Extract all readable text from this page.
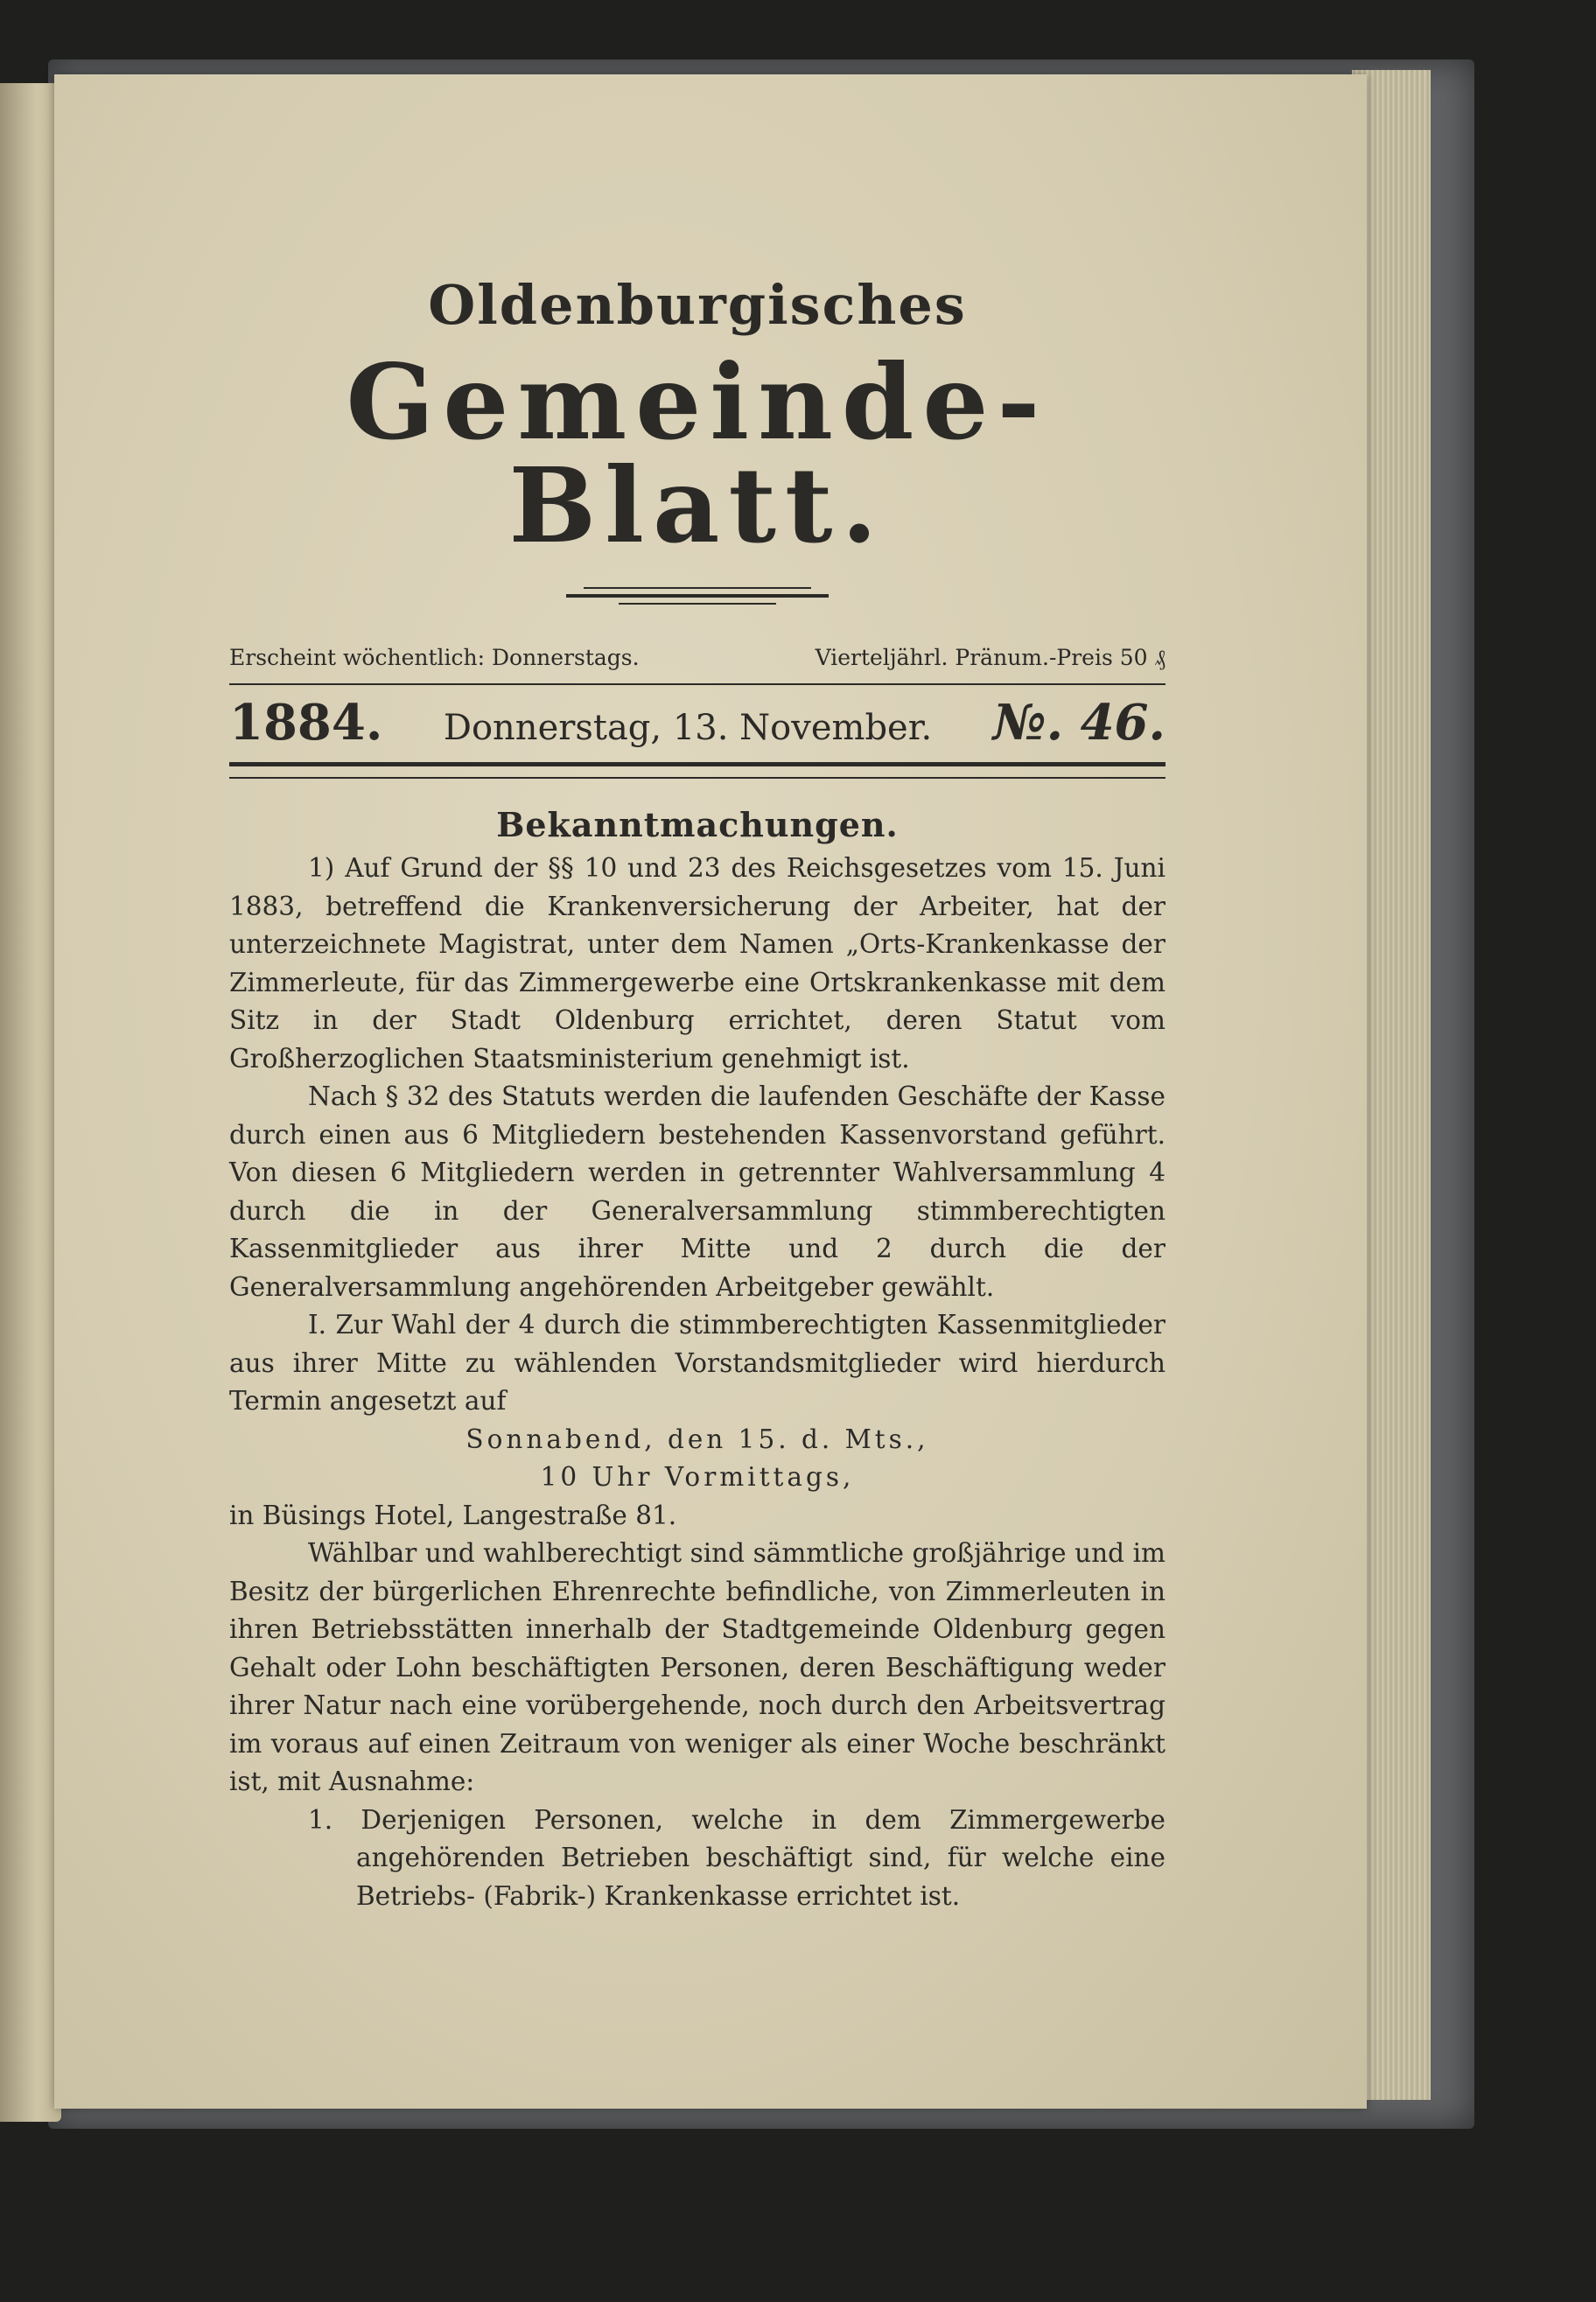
Oldenburgisches
Gemeinde-Blatt.
Erscheint wöchentlich: Donnerstags.	Vierteljährl. Pränum.-Preis 50 ₰
1884. Donnerstag, 13. November. №. 46.
Bekanntmachungen.

1) Auf Grund der §§ 10 und 23 des Reichsgesetzes vom 15. Juni 1883, betreffend die Krankenversicherung der Arbeiter, hat der unterzeichnete Magistrat, unter dem Namen „Orts-Krankenkasse der Zimmerleute, für das Zimmergewerbe eine Ortskrankenkasse mit dem Sitz in der Stadt Oldenburg errichtet, deren Statut vom Großherzoglichen Staatsministerium genehmigt ist.

Nach § 32 des Statuts werden die laufenden Geschäfte der Kasse durch einen aus 6 Mitgliedern bestehenden Kassenvorstand geführt. Von diesen 6 Mitgliedern werden in getrennter Wahlversammlung 4 durch die in der Generalversammlung stimmberechtigten Kassenmitglieder aus ihrer Mitte und 2 durch die der Generalversammlung angehörenden Arbeitgeber gewählt.

I. Zur Wahl der 4 durch die stimmberechtigten Kassenmitglieder aus ihrer Mitte zu wählenden Vorstandsmitglieder wird hierdurch Termin angesetzt auf

Sonnabend, den 15. d. Mts.,

10 Uhr Vormittags,

in Büsings Hotel, Langestraße 81.

Wählbar und wahlberechtigt sind sämmtliche großjährige und im Besitz der bürgerlichen Ehrenrechte befindliche, von Zimmerleuten in ihren Betriebsstätten innerhalb der Stadtgemeinde Oldenburg gegen Gehalt oder Lohn beschäftigten Personen, deren Beschäftigung weder ihrer Natur nach eine vorübergehende, noch durch den Arbeitsvertrag im voraus auf einen Zeitraum von weniger als einer Woche beschränkt ist, mit Ausnahme:

1. Derjenigen Personen, welche in dem Zimmergewerbe angehörenden Betrieben beschäftigt sind, für welche eine Betriebs- (Fabrik-) Krankenkasse errichtet ist.
